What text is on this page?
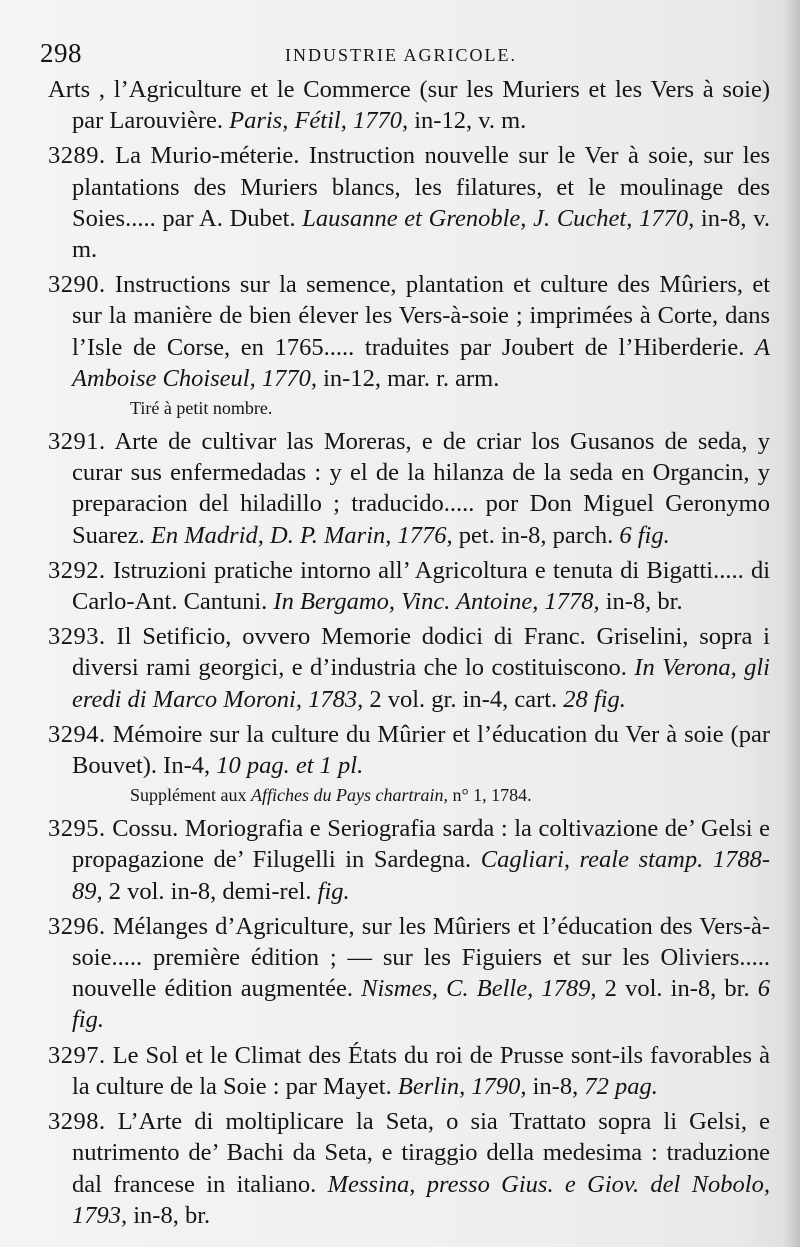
298	INDUSTRIE AGRICOLE.

Arts , l’Agriculture et le Commerce (sur les Muriers et les Vers à soie) par Larouvière. Paris, Fétil, 1770, in-12, v. m.

3289. La Murio-méterie. Instruction nouvelle sur le Ver à soie, sur les plantations des Muriers blancs, les filatures, et le moulinage des Soies..... par A. Dubet. Lausanne et Grenoble, J. Cuchet, 1770, in-8, v. m.

3290. Instructions sur la semence, plantation et culture des Mûriers, et sur la manière de bien élever les Vers-à-soie ; imprimées à Corte, dans l’Isle de Corse, en 1765..... traduites par Joubert de l’Hiberderie. A Amboise Choiseul, 1770, in-12, mar. r. arm.

Tiré à petit nombre.

3291. Arte de cultivar las Moreras, e de criar los Gusanos de seda, y curar sus enfermedadas : y el de la hilanza de la seda en Organcin, y preparacion del hiladillo ; traducido..... por Don Miguel Geronymo Suarez. En Madrid, D. P. Marin, 1776, pet. in-8, parch. 6 fig.

3292. Istruzioni pratiche intorno all’ Agricoltura e tenuta di Bigatti..... di Carlo-Ant. Cantuni. In Bergamo, Vinc. Antoine, 1778, in-8, br.

3293. Il Setificio, ovvero Memorie dodici di Franc. Griselini, sopra i diversi rami georgici, e d’industria che lo costituiscono. In Verona, gli eredi di Marco Moroni, 1783, 2 vol. gr. in-4, cart. 28 fig.

3294. Mémoire sur la culture du Mûrier et l’éducation du Ver à soie (par Bouvet). In-4, 10 pag. et 1 pl.

Supplément aux Affiches du Pays chartrain, n° 1, 1784.

3295. Cossu. Moriografia e Seriografia sarda : la coltivazione de’ Gelsi e propagazione de’ Filugelli in Sardegna. Cagliari, reale stamp. 1788-89, 2 vol. in-8, demi-rel. fig.

3296. Mélanges d’Agriculture, sur les Mûriers et l’éducation des Vers-à-soie..... première édition ; — sur les Figuiers et sur les Oliviers..... nouvelle édition augmentée. Nismes, C. Belle, 1789, 2 vol. in-8, br. 6 fig.

3297. Le Sol et le Climat des États du roi de Prusse sont-ils favorables à la culture de la Soie : par Mayet. Berlin, 1790, in-8, 72 pag.

3298. L’Arte di moltiplicare la Seta, o sia Trattato sopra li Gelsi, e nutrimento de’ Bachi da Seta, e tiraggio della medesima : traduzione dal francese in italiano. Messina, presso Gius. e Giov. del Nobolo, 1793, in-8, br.
